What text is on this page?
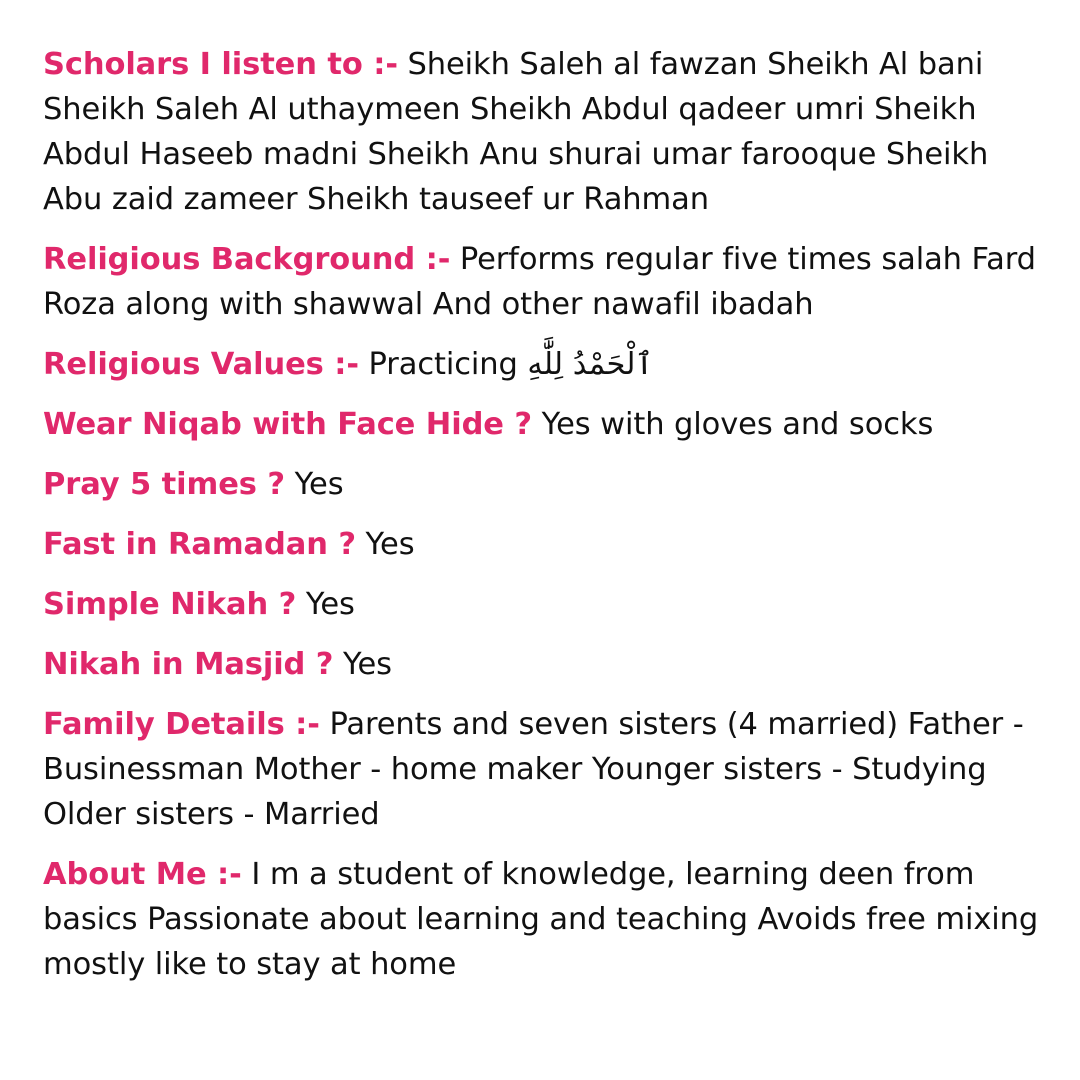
Scholars I listen to :- Sheikh Saleh al fawzan Sheikh Al bani Sheikh Saleh Al uthaymeen Sheikh Abdul qadeer umri Sheikh Abdul Haseeb madni Sheikh Anu shurai umar farooque Sheikh Abu zaid zameer Sheikh tauseef ur Rahman

Religious Background :- Performs regular five times salah Fard Roza along with shawwal And other nawafil ibadah

Religious Values :- Practicing ٱلْحَمْدُ لِلَّٰهِ

Wear Niqab with Face Hide ? Yes with gloves and socks

Pray 5 times ? Yes

Fast in Ramadan ? Yes

Simple Nikah ? Yes

Nikah in Masjid ? Yes

Family Details :- Parents and seven sisters (4 married) Father - Businessman Mother - home maker Younger sisters - Studying Older sisters - Married

About Me :- I m a student of knowledge, learning deen from basics Passionate about learning and teaching Avoids free mixing mostly like to stay at home
